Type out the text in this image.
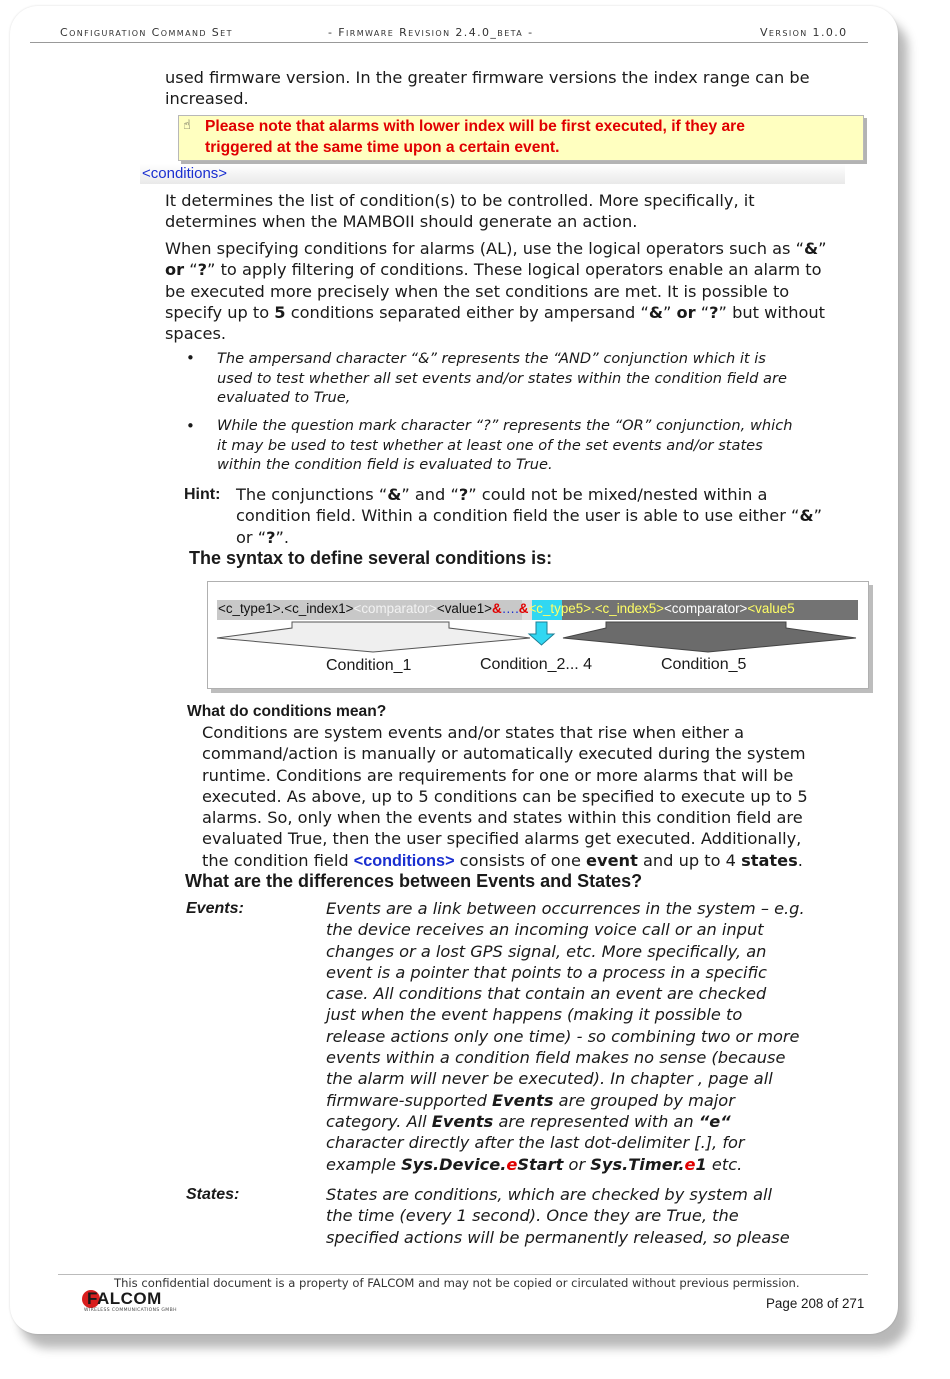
Configuration Command Set	- Firmware Revision 2.4.0_beta -	Version 1.0.0
used firmware version. In the greater firmware versions the index range can be
increased.
☝ Please note that alarms with lower index will be first executed, if they are
triggered at the same time upon a certain event.
<conditions>
It determines the list of condition(s) to be controlled. More specifically, it
determines when the MAMBOII should generate an action.
When specifying conditions for alarms (AL), use the logical operators such as “&”
or “?” to apply filtering of conditions. These logical operators enable an alarm to
be executed more precisely when the set conditions are met. It is possible to
specify up to 5 conditions separated either by ampersand “&” or “?” but without
spaces.
• The ampersand character “&” represents the “AND” conjunction which it is
used to test whether all set events and/or states within the condition field are
evaluated to True,
• While the question mark character “?” represents the “OR” conjunction, which
it may be used to test whether at least one of the set events and/or states
within the condition field is evaluated to True.
Hint: The conjunctions “&” and “?” could not be mixed/nested within a
condition field. Within a condition field the user is able to use either “&”
or “?”.
The syntax to define several conditions is:
<c_type1>.<c_index1><comparator><value1>&….&<c_type5>.<c_index5><comparator><value5
Condition_1	Condition_2... 4	Condition_5
What do conditions mean?
Conditions are system events and/or states that rise when either a
command/action is manually or automatically executed during the system
runtime. Conditions are requirements for one or more alarms that will be
executed. As above, up to 5 conditions can be specified to execute up to 5
alarms. So, only when the events and states within this condition field are
evaluated True, then the user specified alarms get executed. Additionally,
the condition field <conditions> consists of one event and up to 4 states.
What are the differences between Events and States?
Events:	Events are a link between occurrences in the system – e.g.
the device receives an incoming voice call or an input
changes or a lost GPS signal, etc. More specifically, an
event is a pointer that points to a process in a specific
case. All conditions that contain an event are checked
just when the event happens (making it possible to
release actions only one time) - so combining two or more
events within a condition field makes no sense (because
the alarm will never be executed). In chapter , page all
firmware-supported Events are grouped by major
category. All Events are represented with an “e“
character directly after the last dot-delimiter [.], for
example Sys.Device.eStart or Sys.Timer.e1 etc.
States:	States are conditions, which are checked by system all
the time (every 1 second). Once they are True, the
specified actions will be permanently released, so please
This confidential document is a property of FALCOM and may not be copied or circulated without previous permission.
FALCOM
WIRELESS COMMUNICATIONS GMBH	Page 208 of 271
